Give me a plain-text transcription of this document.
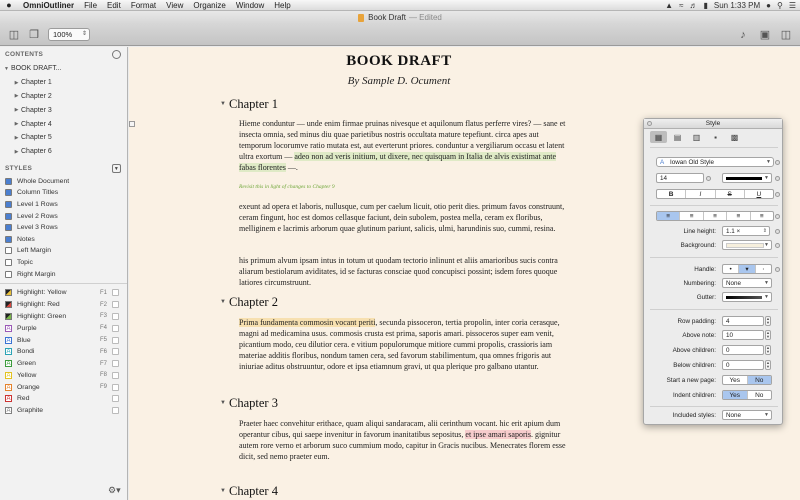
●	OmniOutliner	File	Edit	Format	View	Organize	Window	Help	▲ ≈ ♬ ▮ Sun 1:33 PM ● ⚲ ☰
Book Draft — Edited
◫ ❐	100% ⇕	♪	▣ ◫
CONTENTS
▼ BOOK DRAFT...
▶ Chapter 1
▶ Chapter 2
▶ Chapter 3
▶ Chapter 4
▶ Chapter 5
▶ Chapter 6
STYLES	▼
Whole Document
Column Titles
Level 1 Rows
Level 2 Rows
Level 3 Rows
Notes
Left Margin
Topic
Right Margin
Highlight: Yellow	F1
Highlight: Red	F2
Highlight: Green	F3
A Purple	F4
A Blue	F5
A Bondi	F6
A Green	F7
A Yellow	F8
A Orange	F9
A Red
A Graphite
⚙▾
BOOK DRAFT
By Sample D. Ocument
▼ Chapter 1
Hieme conduntur — unde enim firmae pruinas nivesque et aquilonum flatus perferre vires? — sane et insecta omnia, sed minus diu quae parietibus nostris occultata mature tepefiunt. circa apes aut temporum locorumve ratio mutata est, aut everterunt priores. conduntur a vergiliarum occasu et latent ultra exortum — adeo non ad veris initium, ut dixere, nec quisquam in Italia de alvis existimat ante fabas florentes —.
Revisit this in light of changes to Chapter 9
exeunt ad opera et laboris, nullusque, cum per caelum licuit, otio perit dies. primum favos construunt, ceram fingunt, hoc est domos cellasque faciunt, dein subolem, postea mella, ceram ex floribus, melliginem e lacrimis arborum quae glutinum pariunt, salicis, ulmi, harundinis suo, cummi, resina.
his primum alvum ipsam intus in totum ut quodam tectorio inlinunt et aliis amarioribus sucis contra aliarum bestiolarum aviditates, id se facturas consciae quod concupisci possint; isdem fores quoque latiores circumstruunt.
▼ Chapter 2
Prima fundamenta commosin vocant periti, secunda pissoceron, tertia propolin, inter coria cerasque, magni ad medicamina usus. commosis crusta est prima, saporis amari. pissoceros super eam venit, picantium modo, ceu dilutior cera. e vitium populorumque mitiore cummi propolis, crassioris iam materiae additis floribus, nondum tamen cera, sed favorum stabilimentum, qua omnes frigoris aut iniuriae aditus obstruuntur, odore et ipsa etiamnum gravi, ut qua plerique pro galbano utantur.
▼ Chapter 3
Praeter haec convehitur erithace, quam aliqui sandaracam, alii cerinthum vocant. hic erit apium dum operantur cibus, qui saepe invenitur in favorum inanitatibus sepositus, et ipse amari saporis. gignitur autem rore verno et arborum suco cummium modo, capitur in Gracis nucibus. Menecrates florem esse dicit, sed nemo praeter eum.
▼ Chapter 4
Style
▦	▤	▥	▪	▩
A Iowan Old Style	▼
14	▼
B	I	S	U
≡	≡	≡	≡	≡
Line height:	1.1 ×	⇕
Background:	▼
Handle:	•	▾	⋅
Numbering:	None	▼
Gutter:	▼
Row padding:	4	▲
▼
Above note:	10	▲
▼
Above children:	0	▲
▼
Below children:	0	▲
▼
Start a new page:	Yes	No
Indent children:	Yes	No
Included styles:	None	▼
